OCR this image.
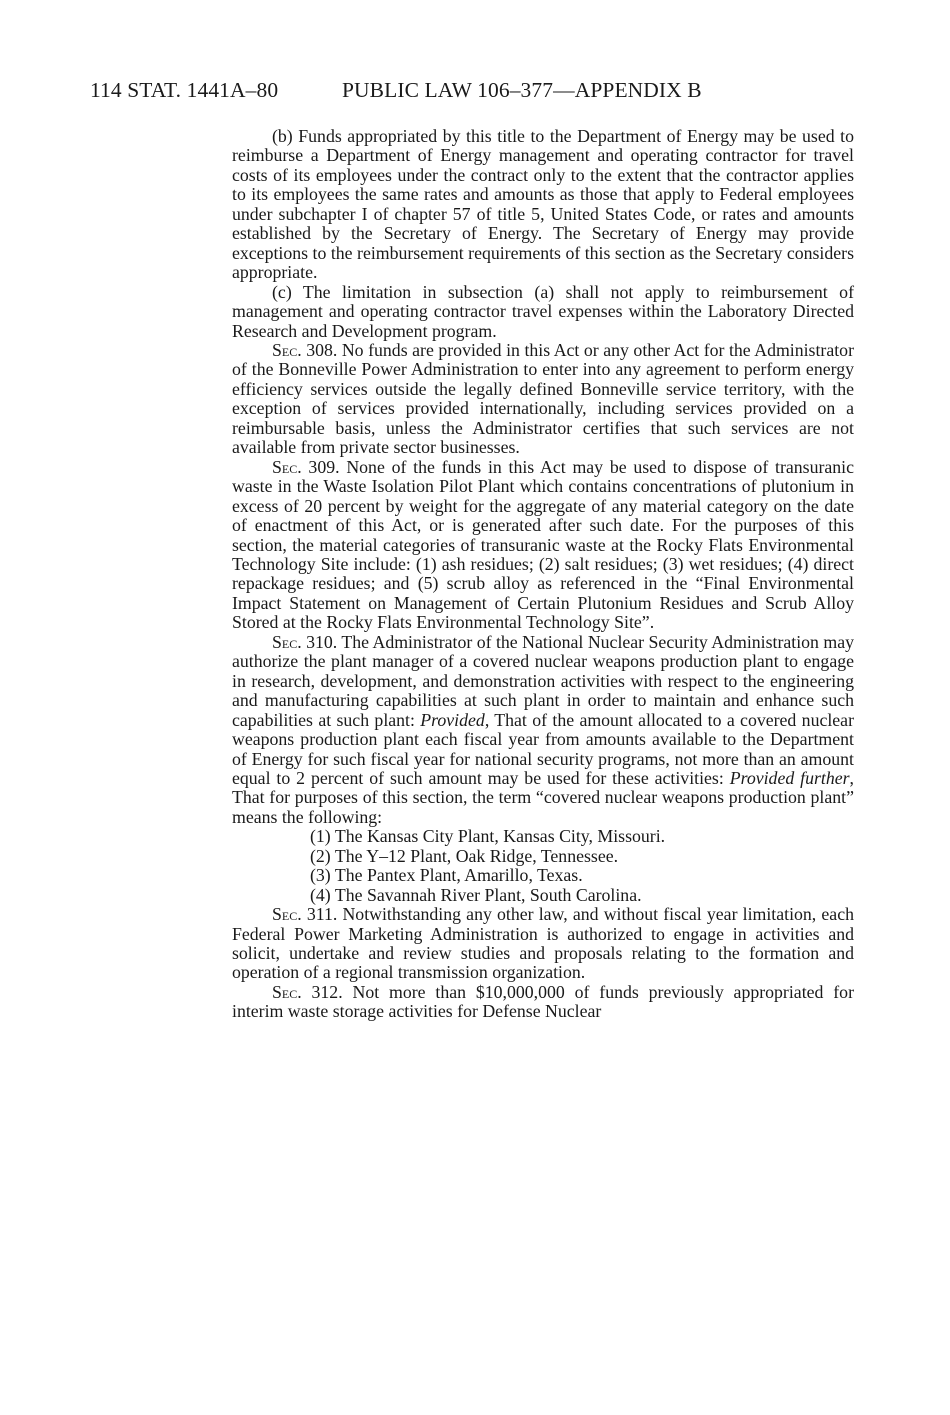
114 STAT. 1441A–80	PUBLIC LAW 106–377—APPENDIX B

(b) Funds appropriated by this title to the Department of Energy may be used to reimburse a Department of Energy management and operating contractor for travel costs of its employees under the contract only to the extent that the contractor applies to its employees the same rates and amounts as those that apply to Federal employees under subchapter I of chapter 57 of title 5, United States Code, or rates and amounts established by the Secretary of Energy. The Secretary of Energy may provide exceptions to the reimbursement requirements of this section as the Secretary considers appropriate.

(c) The limitation in subsection (a) shall not apply to reimbursement of management and operating contractor travel expenses within the Laboratory Directed Research and Development program.

Sec. 308. No funds are provided in this Act or any other Act for the Administrator of the Bonneville Power Administration to enter into any agreement to perform energy efficiency services outside the legally defined Bonneville service territory, with the exception of services provided internationally, including services provided on a reimbursable basis, unless the Administrator certifies that such services are not available from private sector businesses.

Sec. 309. None of the funds in this Act may be used to dispose of transuranic waste in the Waste Isolation Pilot Plant which contains concentrations of plutonium in excess of 20 percent by weight for the aggregate of any material category on the date of enactment of this Act, or is generated after such date. For the purposes of this section, the material categories of transuranic waste at the Rocky Flats Environmental Technology Site include: (1) ash residues; (2) salt residues; (3) wet residues; (4) direct repackage residues; and (5) scrub alloy as referenced in the “Final Environmental Impact Statement on Management of Certain Plutonium Residues and Scrub Alloy Stored at the Rocky Flats Environmental Technology Site”.

Sec. 310. The Administrator of the National Nuclear Security Administration may authorize the plant manager of a covered nuclear weapons production plant to engage in research, development, and demonstration activities with respect to the engineering and manufacturing capabilities at such plant in order to maintain and enhance such capabilities at such plant: Provided, That of the amount allocated to a covered nuclear weapons production plant each fiscal year from amounts available to the Department of Energy for such fiscal year for national security programs, not more than an amount equal to 2 percent of such amount may be used for these activities: Provided further, That for purposes of this section, the term “covered nuclear weapons production plant” means the following:

(1) The Kansas City Plant, Kansas City, Missouri.
(2) The Y–12 Plant, Oak Ridge, Tennessee.
(3) The Pantex Plant, Amarillo, Texas.
(4) The Savannah River Plant, South Carolina.

Sec. 311. Notwithstanding any other law, and without fiscal year limitation, each Federal Power Marketing Administration is authorized to engage in activities and solicit, undertake and review studies and proposals relating to the formation and operation of a regional transmission organization.

Sec. 312. Not more than $10,000,000 of funds previously appropriated for interim waste storage activities for Defense Nuclear
